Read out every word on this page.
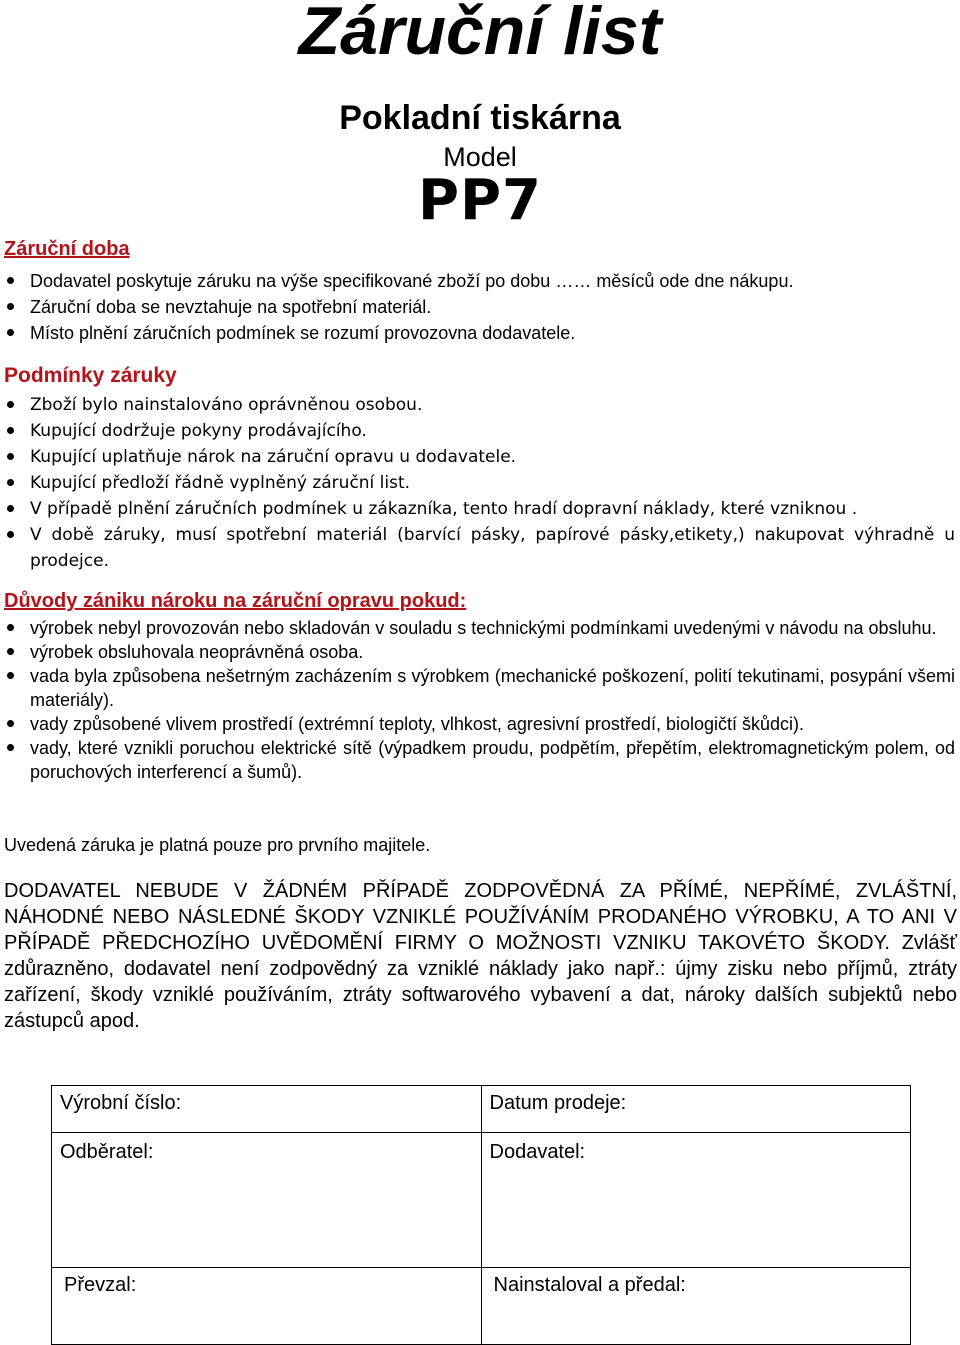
Záruční list
Pokladní tiskárna
Model
PP7
Záruční doba
Dodavatel poskytuje záruku na výše specifikované zboží po dobu …… měsíců ode dne nákupu.
Záruční doba se nevztahuje na spotřební materiál.
Místo plnění záručních podmínek se rozumí provozovna dodavatele.
Podmínky záruky
Zboží bylo nainstalováno oprávněnou osobou.
Kupující dodržuje pokyny prodávajícího.
Kupující uplatňuje nárok na záruční opravu u dodavatele.
Kupující předloží řádně vyplněný záruční list.
V případě plnění záručních podmínek u zákazníka, tento hradí dopravní náklady, které vzniknou .
V době záruky, musí spotřební materiál (barvící pásky, papírové pásky,etikety,) nakupovat výhradně u prodejce.
Důvody zániku nároku na záruční opravu pokud:
výrobek nebyl provozován nebo skladován v souladu s technickými podmínkami uvedenými v návodu na obsluhu.
výrobek obsluhovala neoprávněná osoba.
vada byla způsobena nešetrným zacházením s výrobkem (mechanické poškození, polití tekutinami, posypání všemi materiály).
vady způsobené vlivem prostředí (extrémní teploty, vlhkost, agresivní prostředí, biologičtí škůdci).
vady, které vznikli poruchou elektrické sítě (výpadkem proudu, podpětím, přepětím, elektromagnetickým polem, od poruchových interferencí a šumů).

Uvedená záruka je platná pouze pro prvního majitele.

DODAVATEL NEBUDE V ŽÁDNÉM PŘÍPADĚ ZODPOVĚDNÁ ZA PŘÍMÉ, NEPŘÍMÉ, ZVLÁŠTNÍ, NÁHODNÉ NEBO NÁSLEDNÉ ŠKODY VZNIKLÉ POUŽÍVÁNÍM PRODANÉHO VÝROBKU, A TO ANI V PŘÍPADĚ PŘEDCHOZÍHO UVĚDOMĚNÍ FIRMY O MOŽNOSTI VZNIKU TAKOVÉTO ŠKODY. Zvlášť zdůrazněno, dodavatel není zodpovědný za vzniklé náklady jako např.: újmy zisku nebo příjmů, ztráty zařízení, škody vzniklé používáním, ztráty softwarového vybavení a dat, nároky dalších subjektů nebo zástupců apod.

Výrobní číslo:	Datum prodeje:
Odběratel:	Dodavatel:
Převzal:	Nainstaloval a předal:
